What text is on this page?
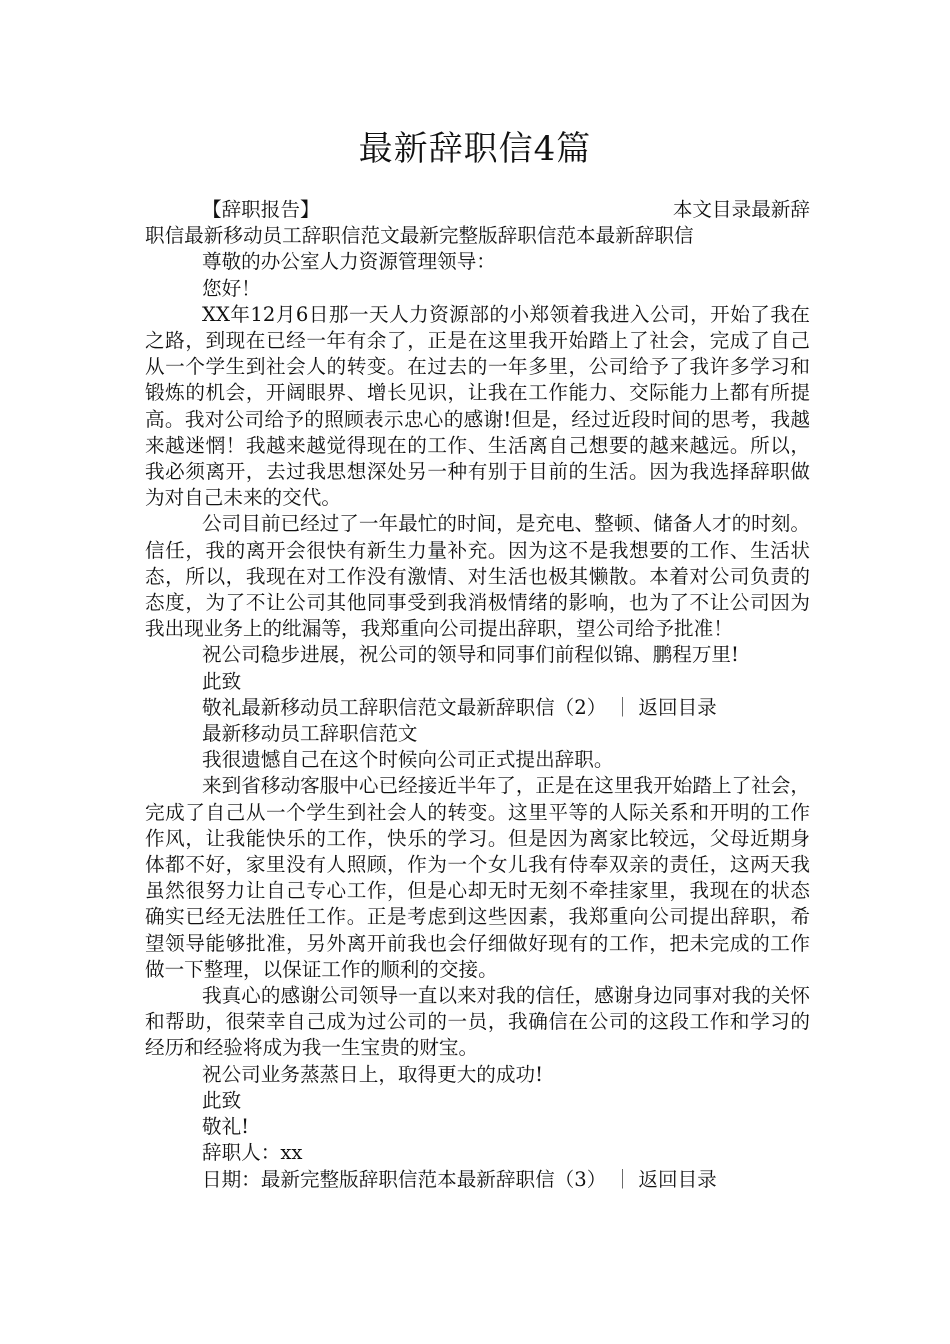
最新辞职信4篇
【辞职报告】	本文目录最新辞

职信最新移动员工辞职信范文最新完整版辞职信范本最新辞职信

尊敬的办公室人力资源管理领导：
您好！

XX年12月6日那一天人力资源部的小郑领着我进入公司，开始了我在之路，到现在已经一年有余了，正是在这里我开始踏上了社会，完成了自己从一个学生到社会人的转变。在过去的一年多里，公司给予了我许多学习和锻炼的机会，开阔眼界、增长见识，让我在工作能力、交际能力上都有所提高。我对公司给予的照顾表示忠心的感谢!但是，经过近段时间的思考，我越来越迷惘！我越来越觉得现在的工作、生活离自己想要的越来越远。所以，我必须离开，去过我思想深处另一种有别于目前的生活。因为我选择辞职做为对自己未来的交代。

公司目前已经过了一年最忙的时间，是充电、整顿、储备人才的时刻。信任，我的离开会很快有新生力量补充。因为这不是我想要的工作、生活状态，所以，我现在对工作没有激情、对生活也极其懒散。本着对公司负责的态度，为了不让公司其他同事受到我消极情绪的影响，也为了不让公司因为我出现业务上的纰漏等，我郑重向公司提出辞职，望公司给予批准！

祝公司稳步进展，祝公司的领导和同事们前程似锦、鹏程万里!
此致
敬礼最新移动员工辞职信范文最新辞职信（2） ｜ 返回目录
最新移动员工辞职信范文
我很遗憾自己在这个时候向公司正式提出辞职。

来到省移动客服中心已经接近半年了，正是在这里我开始踏上了社会，完成了自己从一个学生到社会人的转变。这里平等的人际关系和开明的工作作风，让我能快乐的工作，快乐的学习。但是因为离家比较远，父母近期身体都不好，家里没有人照顾，作为一个女儿我有侍奉双亲的责任，这两天我虽然很努力让自己专心工作，但是心却无时无刻不牵挂家里，我现在的状态确实已经无法胜任工作。正是考虑到这些因素，我郑重向公司提出辞职，希望领导能够批准，另外离开前我也会仔细做好现有的工作，把未完成的工作做一下整理，以保证工作的顺利的交接。

我真心的感谢公司领导一直以来对我的信任，感谢身边同事对我的关怀和帮助，很荣幸自己成为过公司的一员，我确信在公司的这段工作和学习的经历和经验将成为我一生宝贵的财宝。

祝公司业务蒸蒸日上，取得更大的成功!
此致
敬礼!
辞职人：xx
日期：最新完整版辞职信范本最新辞职信（3） ｜ 返回目录
